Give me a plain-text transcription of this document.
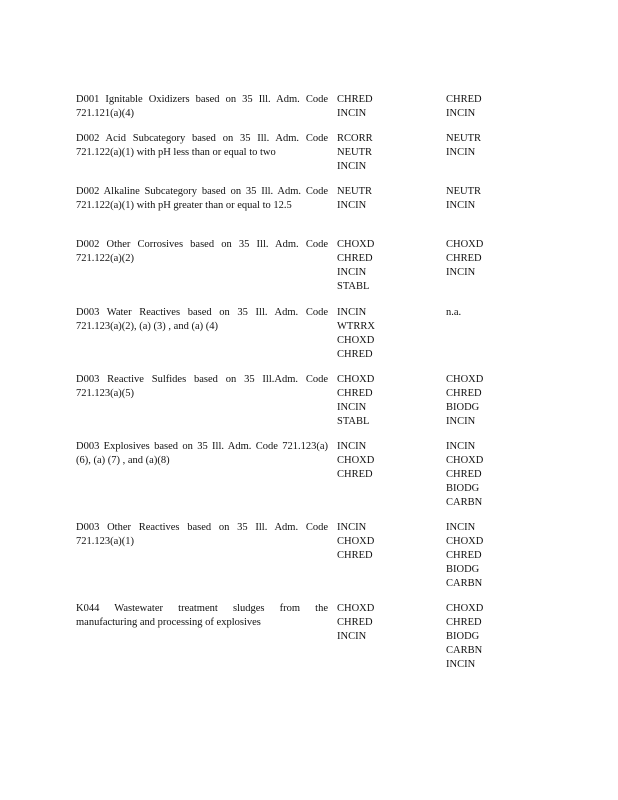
D001 Ignitable Oxidizers based on 35 Ill. Adm. Code 721.121(a)(4)
CHRED
INCIN
CHRED
INCIN
D002 Acid Subcategory based on 35 Ill. Adm. Code 721.122(a)(1) with pH less than or equal to two
RCORR
NEUTR
INCIN
NEUTR
INCIN
D002 Alkaline Subcategory based on 35 Ill. Adm. Code 721.122(a)(1) with pH greater than or equal to 12.5
NEUTR
INCIN
NEUTR
INCIN
D002 Other Corrosives based on 35 Ill. Adm. Code 721.122(a)(2)
CHOXD
CHRED
INCIN
STABL
CHOXD
CHRED
INCIN
D003 Water Reactives based on 35 Ill. Adm. Code 721.123(a)(2), (a) (3) , and (a) (4)
INCIN
WTRRX
CHOXD
CHRED
n.a.
D003 Reactive Sulfides based on 35 Ill.Adm. Code 721.123(a)(5)
CHOXD
CHRED
INCIN
STABL
CHOXD
CHRED
BIODG
INCIN
D003 Explosives based on 35 Ill. Adm. Code 721.123(a)(6), (a) (7) , and (a)(8)
INCIN
CHOXD
CHRED
INCIN
CHOXD
CHRED
BIODG
CARBN
D003 Other Reactives based on 35 Ill. Adm. Code 721.123(a)(1)
INCIN
CHOXD
CHRED
INCIN
CHOXD
CHRED
BIODG
CARBN
K044 Wastewater treatment sludges from the manufacturing and processing of explosives
CHOXD
CHRED
INCIN
CHOXD
CHRED
BIODG
CARBN
INCIN
